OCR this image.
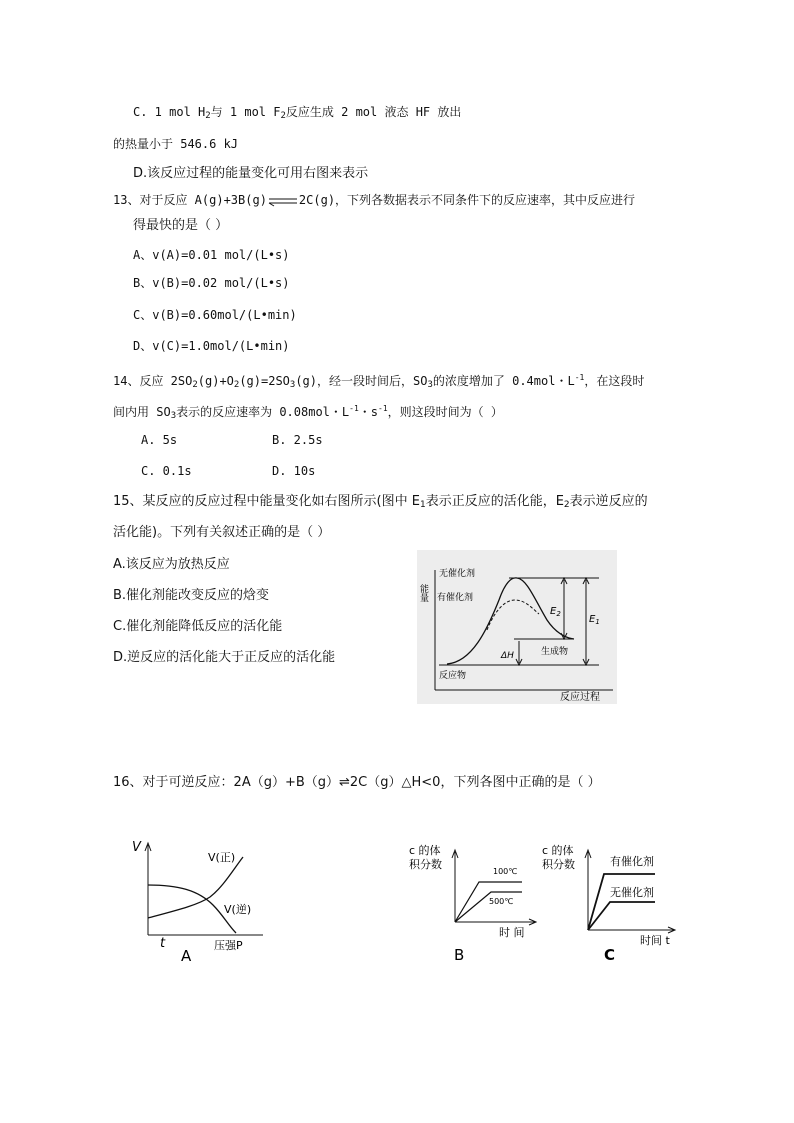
C. 1 mol $H_2$与 1 mol $F_2$反应生成 2 mol 液态 HF 放出
的热量小于 546.6 kJ
D.该反应过程的能量变化可用右图来表示
13、对于反应 A(g)+3B(g)	2C(g)，下列各数据表示不同条件下的反应速率，其中反应进行
得最快的是（ ）
A、v(A)=0.01 mol/(L•s)
B、v(B)=0.02 mol/(L•s)
C、v(B)=0.60mol/(L•min)
D、v(C)=1.0mol/(L•min)
14、反应 $2SO_2(g)+O_2(g)=2SO_3(g)$，经一段时间后，$SO_3$的浓度增加了 0.4mol・$L^{-1}$，在这段时
间内用 $SO_3$表示的反应速率为 0.08mol・$L^{-1}$・$s^{-1}$，则这段时间为（ ）
A. 5s	B. 2.5s
C. 0.1s	D. 10s
15、某反应的反应过程中能量变化如右图所示(图中 $E_1$表示正反应的活化能，$E_2$表示逆反应的
活化能)。下列有关叙述正确的是（ ）
A.该反应为放热反应
B.催化剂能改变反应的焓变
C.催化剂能降低反应的活化能
D.逆反应的活化能大于正反应的活化能
能量
反应过程
无催化剂
有催化剂
$E_2$	$E_1$
ΔH	生成物
反应物
16、对于可逆反应：2A（g）+B（g）⇌2C（g）△H<0，下列各图中正确的是（ ）
V
V(正)
V(逆)
t	压强P
A
c 的体
积分数
100℃
500℃
时 间
B
c 的体
积分数	有催化剂
无催化剂
时间 t
C
